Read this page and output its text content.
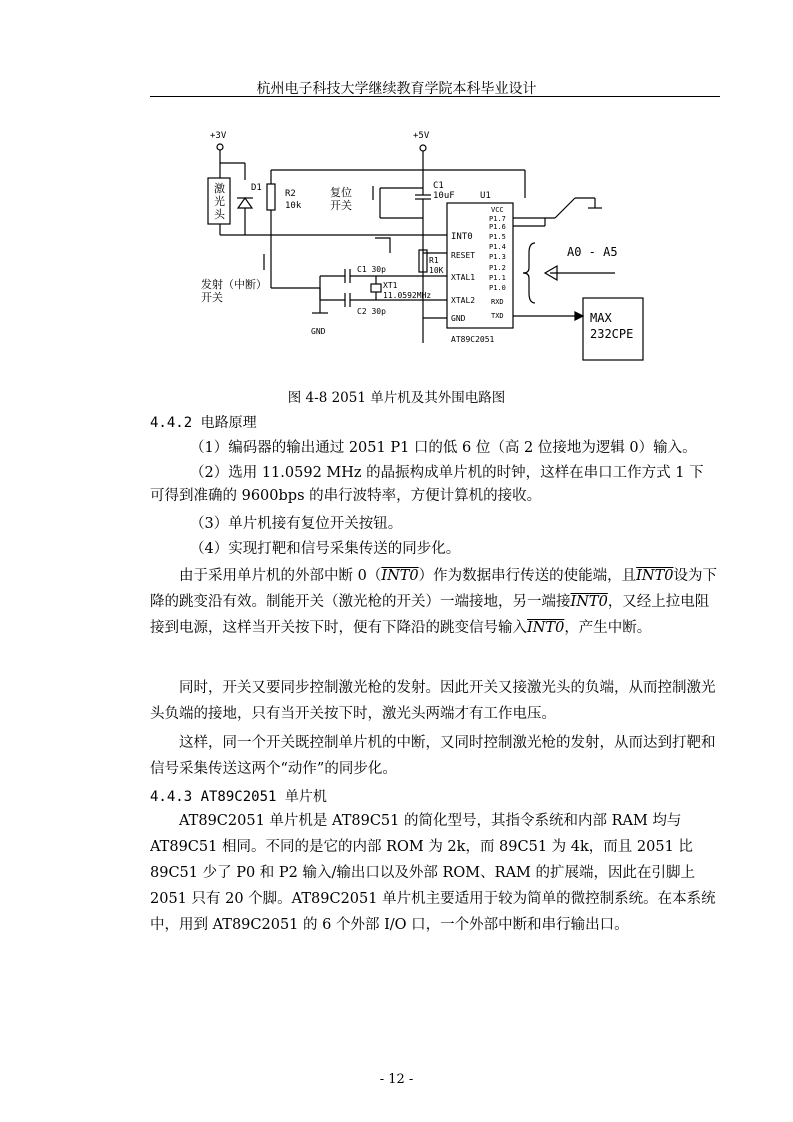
杭州电子科技大学继续教育学院本科毕业设计
+3V	+5V
激
光
头
D1
R2
10k
复位
开关
C1
10uF	U1
R1
10K
C1 30p
C2 30p
XT1
11.0592MHz
发射（中断）
开关
GND
INT0
RESET
XTAL1
XTAL2
GND
VCC
P1.7
P1.6
P1.5
P1.4
P1.3
P1.2
P1.1
P1.0
RXD
TXD
AT89C2051
A0 - A5
MAX
232CPE
图 4-8 2051 单片机及其外围电路图
4.4.2 电路原理
（1）编码器的输出通过 2051 P1 口的低 6 位（高 2 位接地为逻辑 0）输入。
（2）选用 11.0592 MHz 的晶振构成单片机的时钟，这样在串口工作方式 1 下
可得到准确的 9600bps 的串行波特率，方便计算机的接收。
（3）单片机接有复位开关按钮。
（4）实现打靶和信号采集传送的同步化。
由于采用单片机的外部中断 0（INT0）作为数据串行传送的使能端，且INT0设为下降的跳变沿有效。制能开关（激光枪的开关）一端接地，另一端接INT0，又经上拉电阻接到电源，这样当开关按下时，便有下降沿的跳变信号输入INT0，产生中断。
同时，开关又要同步控制激光枪的发射。因此开关又接激光头的负端，从而控制激光头负端的接地，只有当开关按下时，激光头两端才有工作电压。
这样，同一个开关既控制单片机的中断，又同时控制激光枪的发射，从而达到打靶和信号采集传送这两个“动作”的同步化。
4.4.3 AT89C2051 单片机
AT89C2051 单片机是 AT89C51 的简化型号，其指令系统和内部 RAM 均与 AT89C51 相同。不同的是它的内部 ROM 为 2k，而 89C51 为 4k，而且 2051 比 89C51 少了 P0 和 P2 输入/输出口以及外部 ROM、RAM 的扩展端，因此在引脚上 2051 只有 20 个脚。AT89C2051 单片机主要适用于较为简单的微控制系统。在本系统中，用到 AT89C2051 的 6 个外部 I/O 口，一个外部中断和串行输出口。
- 12 -
